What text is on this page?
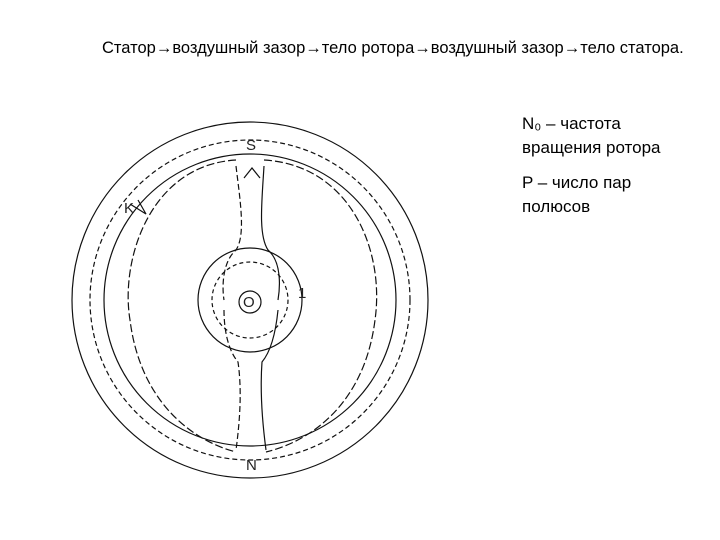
Статор→воздушный зазор→тело ротора→воздушный зазор→тело статора.
N₀ – частота вращения ротора
P – число пар полюсов
S
N
O
K
1
